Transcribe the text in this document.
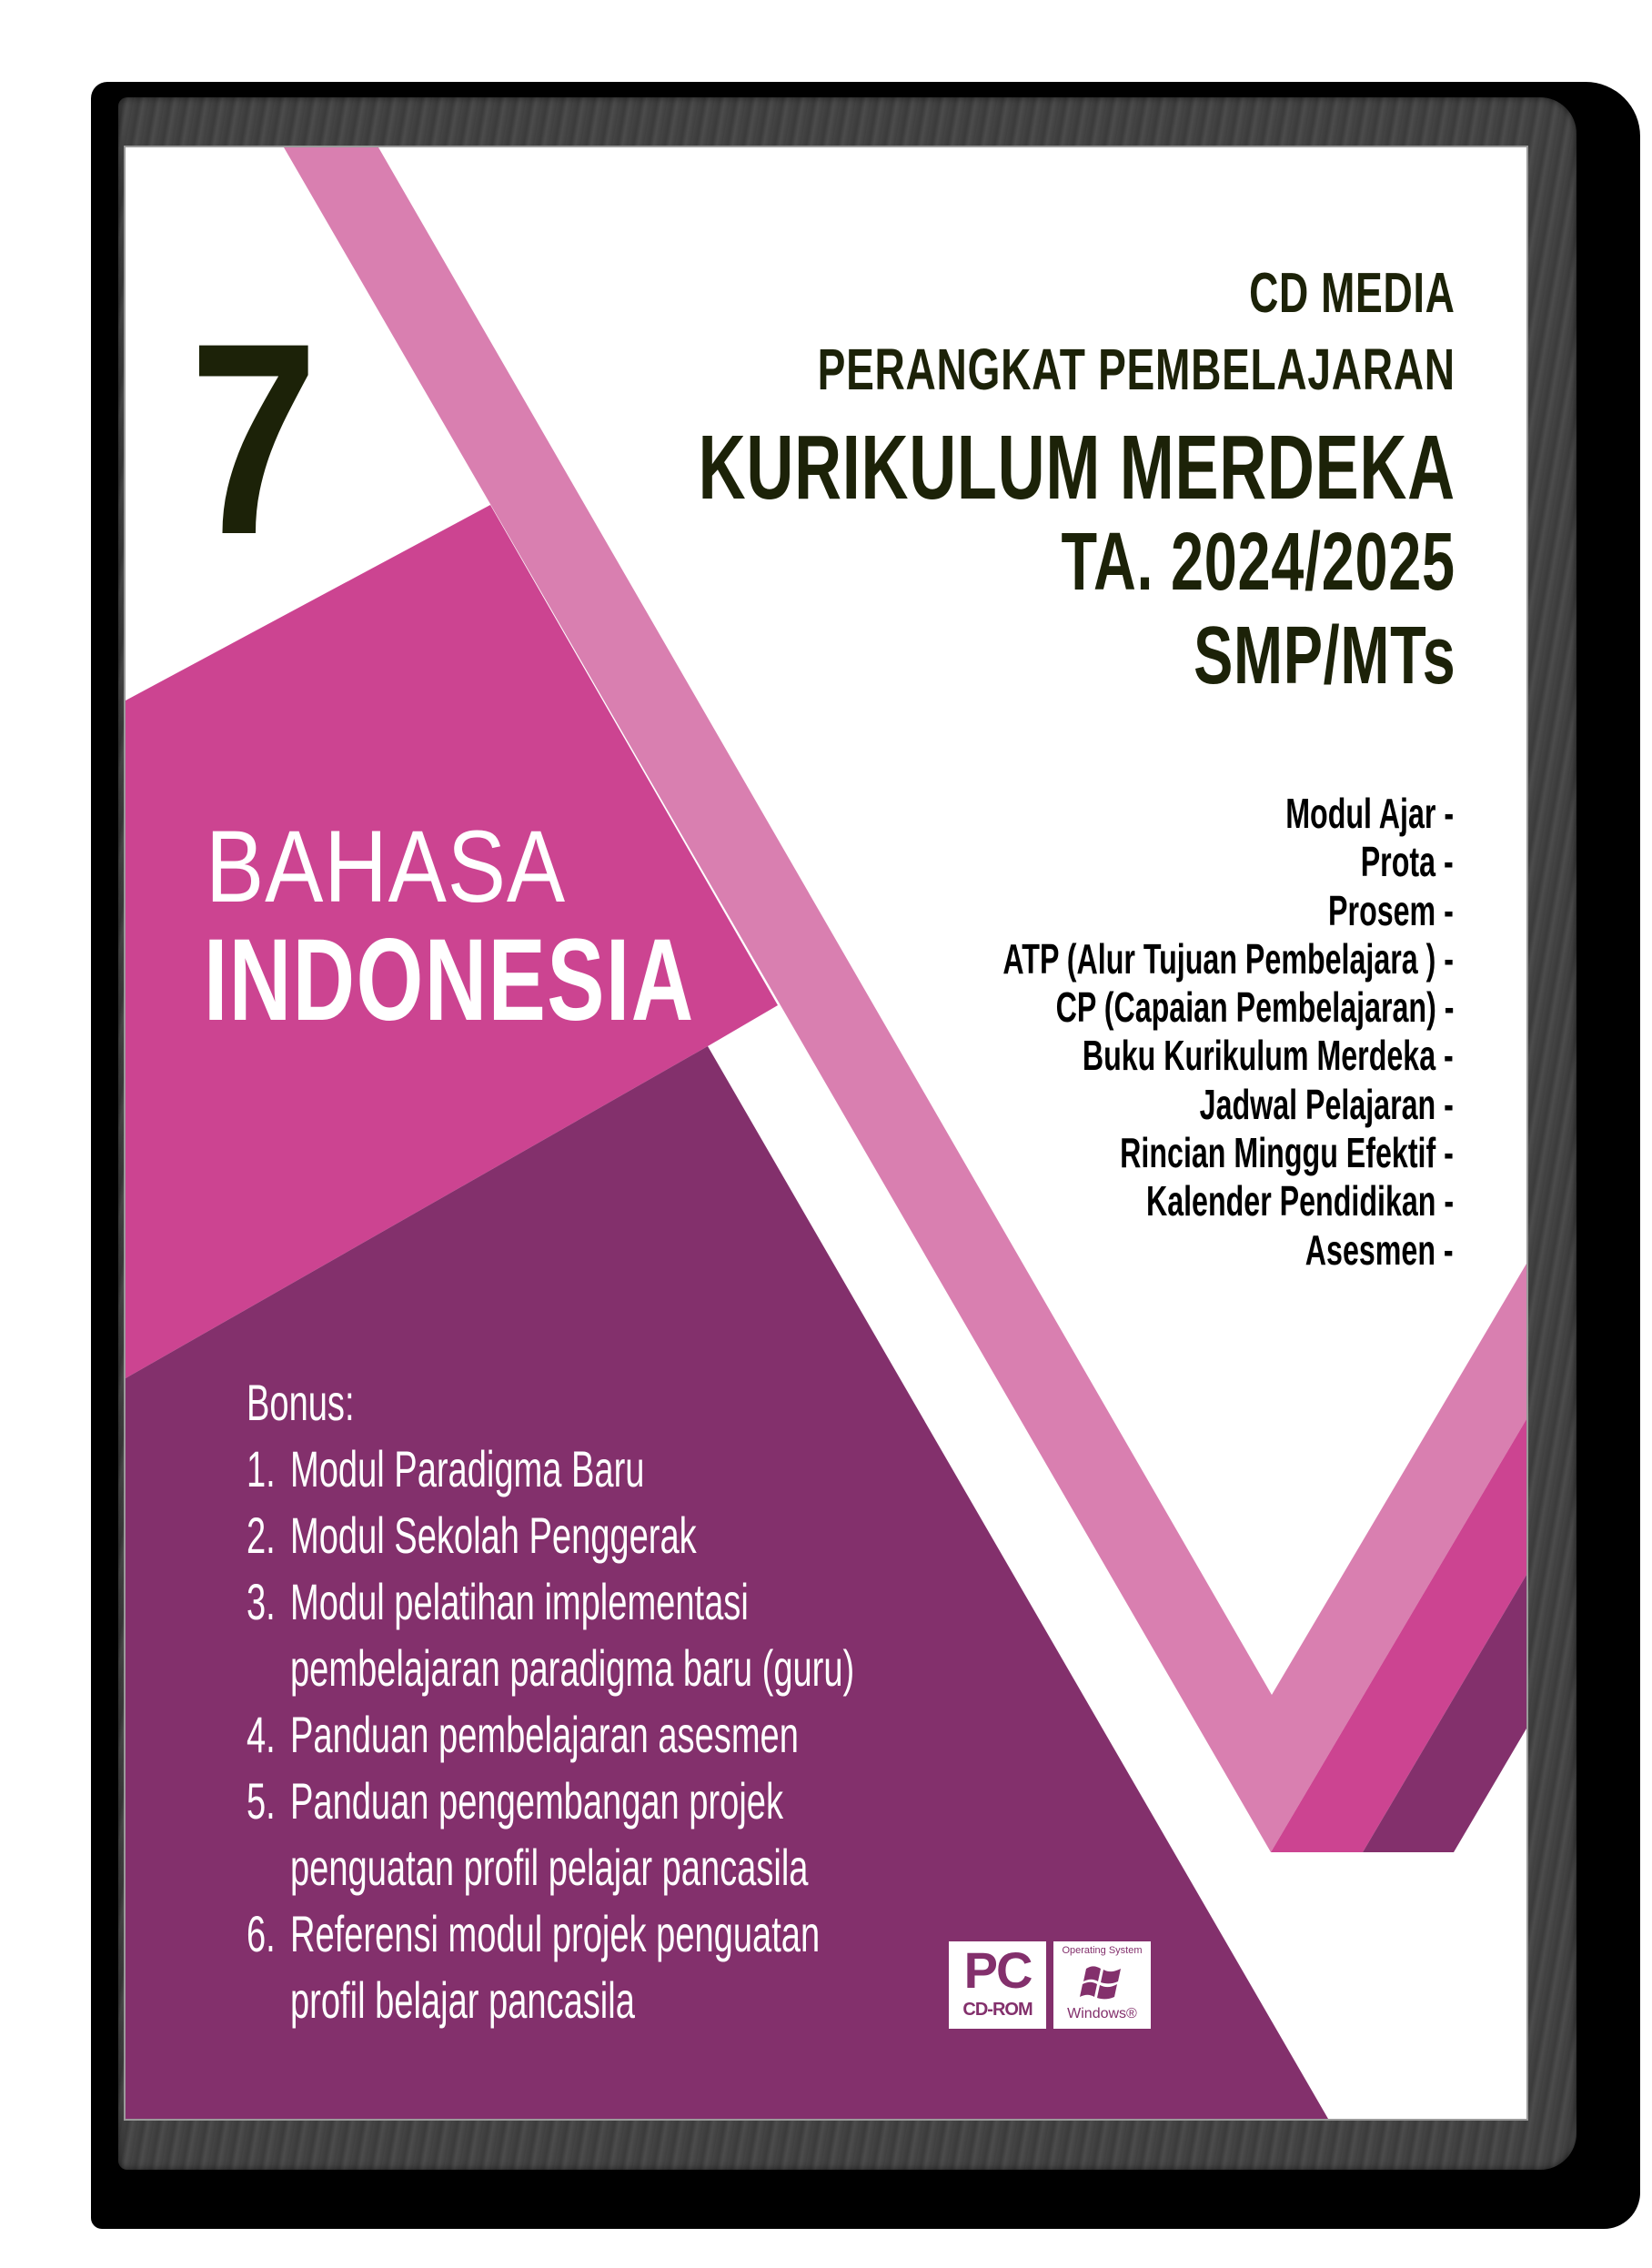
7	CD MEDIA
PERANGKAT PEMBELAJARAN
KURIKULUM MERDEKA
TA. 2024/2025
SMP/MTs
BAHASA
INDONESIA
Modul Ajar -
Prota -
Prosem -
ATP (Alur Tujuan Pembelajara ) -
CP (Capaian Pembelajaran) -
Buku Kurikulum Merdeka -
Jadwal Pelajaran -
Rincian Minggu Efektif -
Kalender Pendidikan -
Asesmen -
Bonus:
1. Modul Paradigma Baru
2. Modul Sekolah Penggerak
3. Modul pelatihan implementasi
pembelajaran paradigma baru (guru)
4. Panduan pembelajaran asesmen
5. Panduan pengembangan projek
penguatan profil pelajar pancasila
6. Referensi modul projek penguatan
profil belajar pancasila
PC
CD-ROM
Operating System
Windows®
